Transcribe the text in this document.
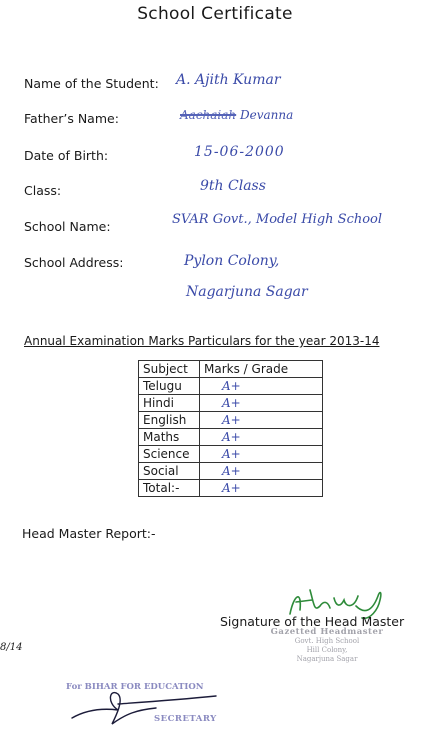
School Certificate
Name of the Student: A. Ajith Kumar
Father’s Name:	Aachaiah Devanna
Date of Birth:	15-06-2000
Class:	9th Class
School Name:	SVAR Govt., Model High School
School Address:	Pylon Colony,
Nagarjuna Sagar
Annual Examination Marks Particulars for the year 2013-14
Subject	Marks / Grade
Telugu	A+
Hindi	A+
English	A+
Maths	A+
Science	A+
Social	A+
Total:-	A+
Head Master Report:-
Signature of the Head Master
Gazetted Headmaster
Govt. High School
Hill Colony,
Nagarjuna Sagar
8/14
For BIHAR FOR EDUCATION
SECRETARY
